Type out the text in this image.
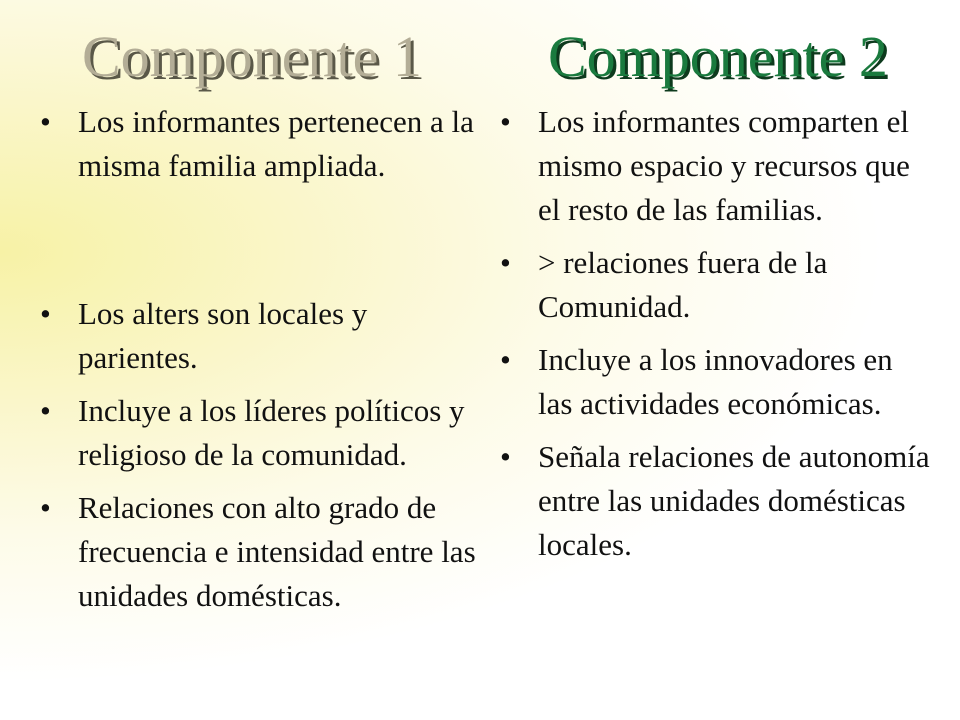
Componente 1
• Los informantes pertenecen a la misma familia ampliada.
• Los alters son locales y parientes.
• Incluye a los líderes políticos y religioso de la comunidad.
• Relaciones con alto grado de frecuencia e intensidad entre las unidades domésticas.
Componente 2
• Los informantes comparten el mismo espacio y recursos que el resto de las familias.
• > relaciones fuera de la Comunidad.
• Incluye a los innovadores en las actividades económicas.
• Señala relaciones de autonomía entre las unidades domésticas locales.
